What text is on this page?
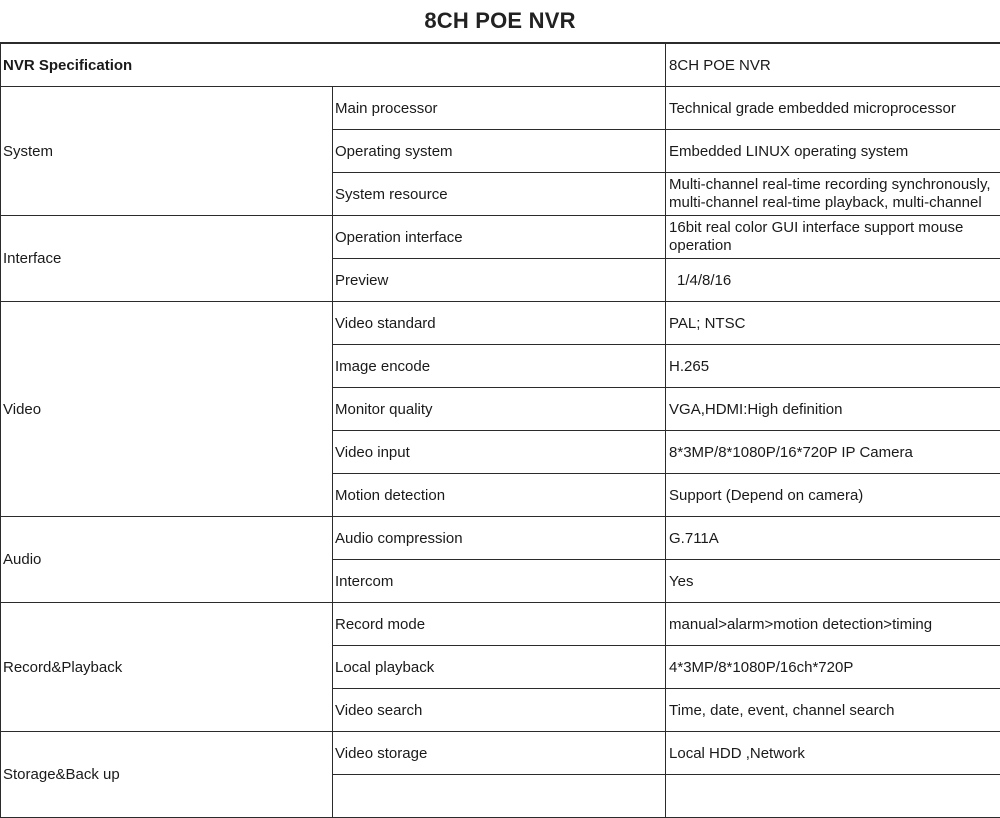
8CH POE NVR
NVR Specification		8CH POE NVR
System	Main processor	Technical grade embedded microprocessor
	Operating system	Embedded LINUX operating system
	System resource	Multi-channel real-time recording synchronously, multi-channel real-time playback, multi-channel
Interface	Operation interface	16bit real color GUI interface support mouse operation
	Preview	1/4/8/16
Video	Video standard	PAL; NTSC
	Image encode	H.265
	Monitor quality	VGA,HDMI:High definition
	Video input	8*3MP/8*1080P/16*720P IP Camera
	Motion detection	Support (Depend on camera)
Audio	Audio compression	G.711A
	Intercom	Yes
Record&Playback	Record mode	manual>alarm>motion detection>timing
	Local playback	4*3MP/8*1080P/16ch*720P
	Video search	Time, date, event, channel search
Storage&Back up	Video storage	Local HDD ,Network
